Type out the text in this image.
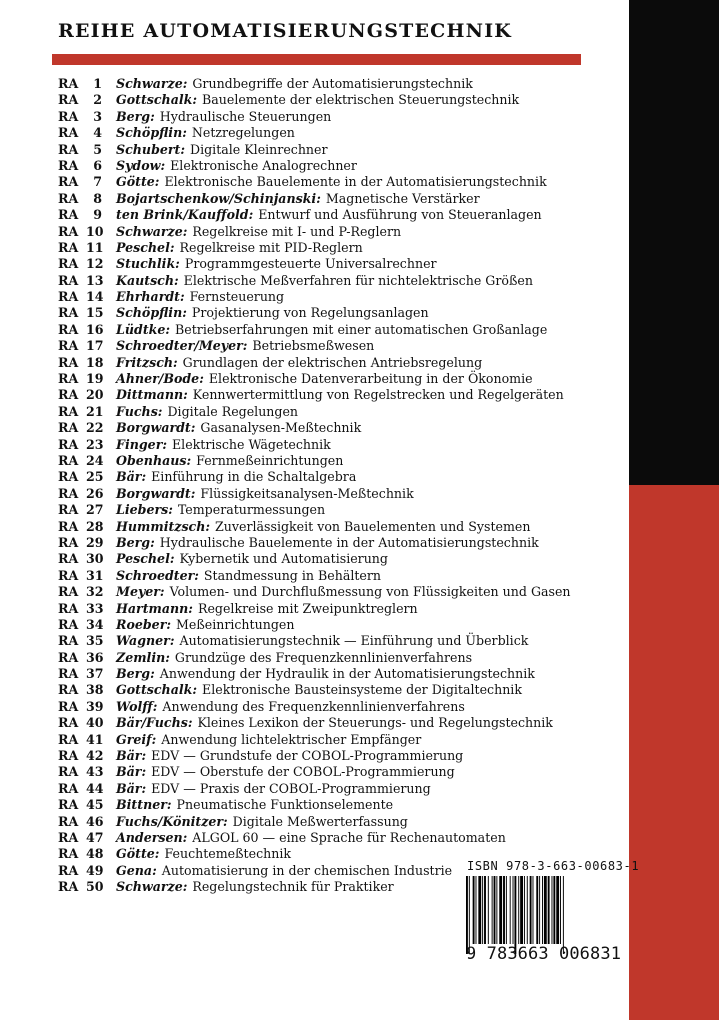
REIHE AUTOMATISIERUNGSTECHNIK
RA	1 Schwarze: Grundbegriffe der Automatisierungstechnik
RA	2 Gottschalk: Bauelemente der elektrischen Steuerungstechnik
RA	3 Berg: Hydraulische Steuerungen
RA	4 Schöpflin: Netzregelungen
RA	5 Schubert: Digitale Kleinrechner
RA	6 Sydow: Elektronische Analogrechner
RA	7 Götte: Elektronische Bauelemente in der Automatisierungstechnik
RA	8 Bojartschenkow/Schinjanski: Magnetische Verstärker
RA	9 ten Brink/Kauffold: Entwurf und Ausführung von Steueranlagen
RA 10 Schwarze: Regelkreise mit I- und P-Reglern
RA 11 Peschel: Regelkreise mit PID-Reglern
RA 12 Stuchlik: Programmgesteuerte Universalrechner
RA 13 Kautsch: Elektrische Meßverfahren für nichtelektrische Größen
RA 14 Ehrhardt: Fernsteuerung
RA 15 Schöpflin: Projektierung von Regelungsanlagen
RA 16 Lüdtke: Betriebserfahrungen mit einer automatischen Großanlage
RA 17 Schroedter/Meyer: Betriebsmeßwesen
RA 18 Fritzsch: Grundlagen der elektrischen Antriebsregelung
RA 19 Ahner/Bode: Elektronische Datenverarbeitung in der Ökonomie
RA 20 Dittmann: Kennwertermittlung von Regelstrecken und Regelgeräten
RA 21 Fuchs: Digitale Regelungen
RA 22 Borgwardt: Gasanalysen-Meßtechnik
RA 23 Finger: Elektrische Wägetechnik
RA 24 Obenhaus: Fernmeßeinrichtungen
RA 25 Bär: Einführung in die Schaltalgebra
RA 26 Borgwardt: Flüssigkeitsanalysen-Meßtechnik
RA 27 Liebers: Temperaturmessungen
RA 28 Hummitzsch: Zuverlässigkeit von Bauelementen und Systemen
RA 29 Berg: Hydraulische Bauelemente in der Automatisierungstechnik
RA 30 Peschel: Kybernetik und Automatisierung
RA 31 Schroedter: Standmessung in Behältern
RA 32 Meyer: Volumen- und Durchflußmessung von Flüssigkeiten und Gasen
RA 33 Hartmann: Regelkreise mit Zweipunktreglern
RA 34 Roeber: Meßeinrichtungen
RA 35 Wagner: Automatisierungstechnik — Einführung und Überblick
RA 36 Zemlin: Grundzüge des Frequenzkennlinienverfahrens
RA 37 Berg: Anwendung der Hydraulik in der Automatisierungstechnik
RA 38 Gottschalk: Elektronische Bausteinsysteme der Digitaltechnik
RA 39 Wolff: Anwendung des Frequenzkennlinienverfahrens
RA 40 Bär/Fuchs: Kleines Lexikon der Steuerungs- und Regelungstechnik
RA 41 Greif: Anwendung lichtelektrischer Empfänger
RA 42 Bär: EDV — Grundstufe der COBOL-Programmierung
RA 43 Bär: EDV — Oberstufe der COBOL-Programmierung
RA 44 Bär: EDV — Praxis der COBOL-Programmierung
RA 45 Bittner: Pneumatische Funktionselemente
RA 46 Fuchs/Könitzer: Digitale Meßwerterfassung
RA 47 Andersen: ALGOL 60 — eine Sprache für Rechenautomaten
RA 48 Götte: Feuchtemeßtechnik
RA 49 Gena: Automatisierung in der chemischen Industrie
RA 50 Schwarze: Regelungstechnik für Praktiker
ISBN 978-3-663-00683-1
9 783663 006831
